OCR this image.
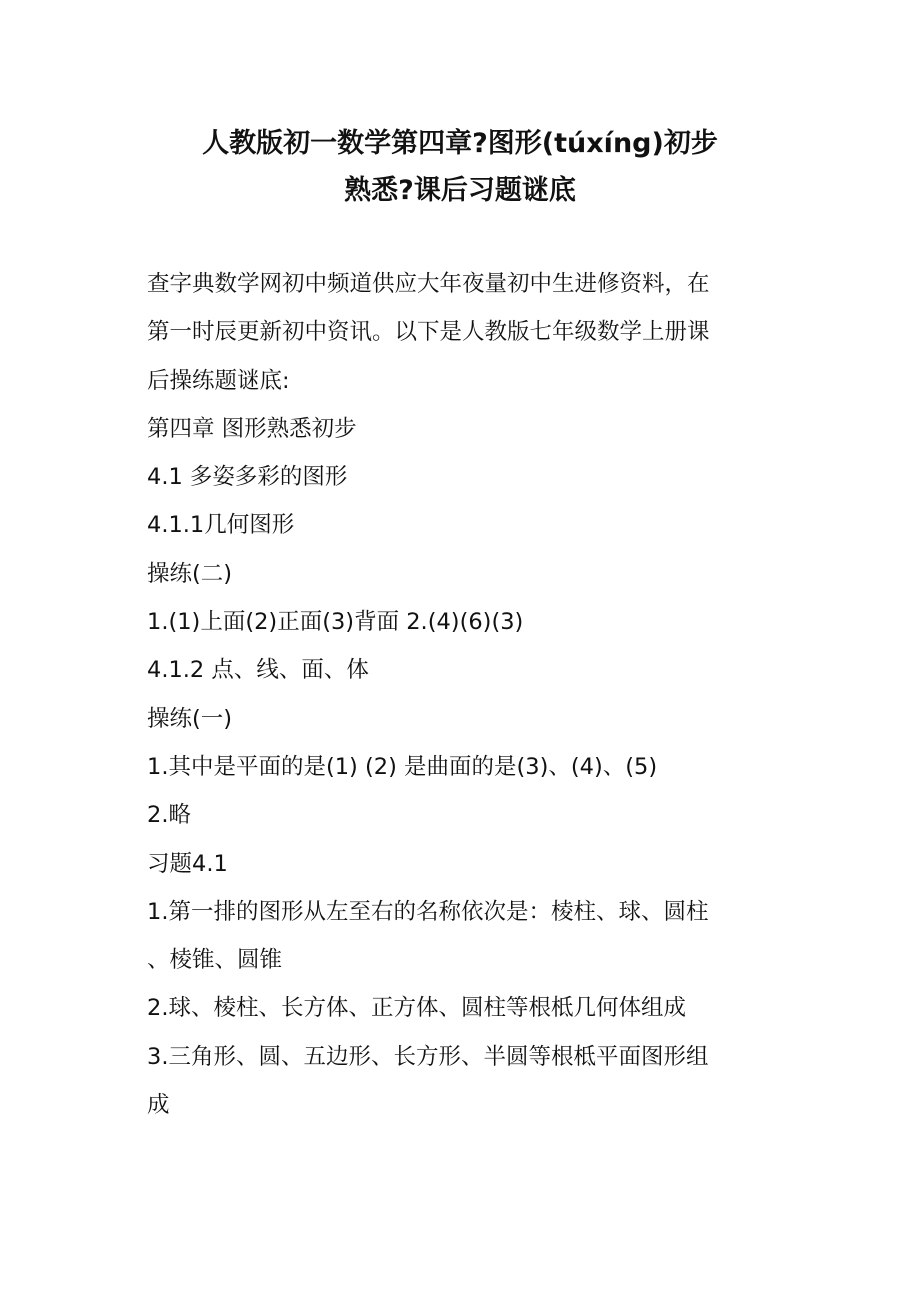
人教版初一数学第四章?图形(túxíng)初步
熟悉?课后习题谜底
查字典数学网初中频道供应大年夜量初中生进修资料，在
第一时辰更新初中资讯。以下是人教版七年级数学上册课
后操练题谜底:
第四章 图形熟悉初步
4.1 多姿多彩的图形
4.1.1几何图形
操练(二)
1.(1)上面(2)正面(3)背面 2.(4)(6)(3)
4.1.2 点、线、面、体
操练(一)
1.其中是平面的是(1) (2) 是曲面的是(3)、(4)、(5)
2.略
习题4.1
1.第一排的图形从左至右的名称依次是：棱柱、球、圆柱
、棱锥、圆锥
2.球、棱柱、长方体、正方体、圆柱等根柢几何体组成
3.三角形、圆、五边形、长方形、半圆等根柢平面图形组
成
